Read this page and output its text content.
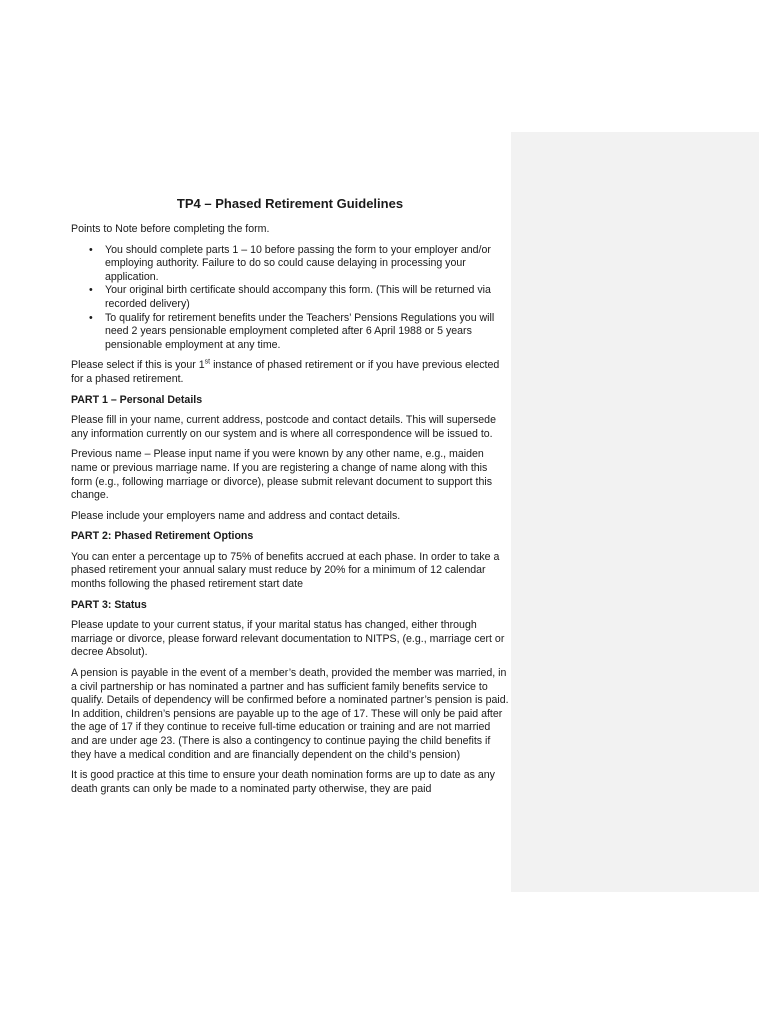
TP4 – Phased Retirement Guidelines

Points to Note before completing the form.

• You should complete parts 1 – 10 before passing the form to your employer and/or employing authority. Failure to do so could cause delaying in processing your application.
• Your original birth certificate should accompany this form. (This will be returned via recorded delivery)
• To qualify for retirement benefits under the Teachers’ Pensions Regulations you will need 2 years pensionable employment completed after 6 April 1988 or 5 years pensionable employment at any time.

Please select if this is your 1st instance of phased retirement or if you have previous elected for a phased retirement.

PART 1 – Personal Details

Please fill in your name, current address, postcode and contact details. This will supersede any information currently on our system and is where all correspondence will be issued to.

Previous name – Please input name if you were known by any other name, e.g., maiden name or previous marriage name. If you are registering a change of name along with this form (e.g., following marriage or divorce), please submit relevant document to support this change.

Please include your employers name and address and contact details.

PART 2: Phased Retirement Options

You can enter a percentage up to 75% of benefits accrued at each phase. In order to take a phased retirement your annual salary must reduce by 20% for a minimum of 12 calendar months following the phased retirement start date

PART 3: Status

Please update to your current status, if your marital status has changed, either through marriage or divorce, please forward relevant documentation to NITPS, (e.g., marriage cert or decree Absolut).

A pension is payable in the event of a member’s death, provided the member was married, in a civil partnership or has nominated a partner and has sufficient family benefits service to qualify. Details of dependency will be confirmed before a nominated partner’s pension is paid. In addition, children’s pensions are payable up to the age of 17. These will only be paid after the age of 17 if they continue to receive full-time education or training and are not married and are under age 23. (There is also a contingency to continue paying the child benefits if they have a medical condition and are financially dependent on the child’s pension)

It is good practice at this time to ensure your death nomination forms are up to date as any death grants can only be made to a nominated party otherwise, they are paid
